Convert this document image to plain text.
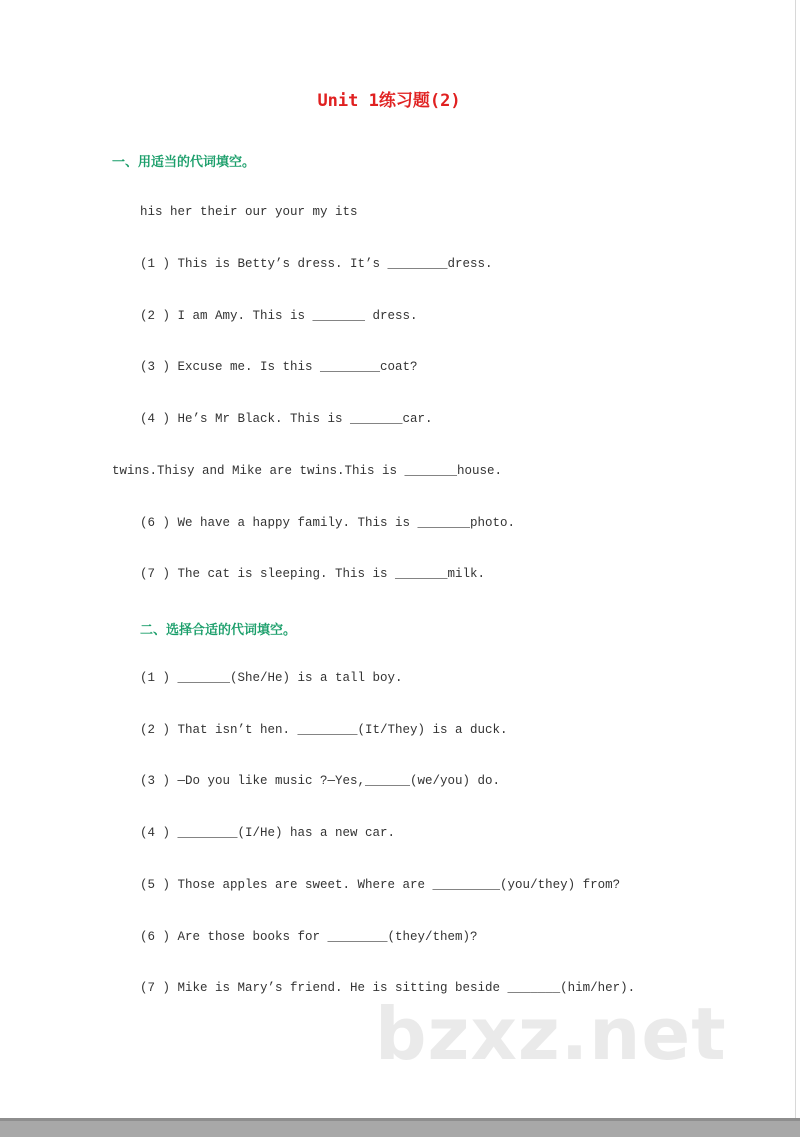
Unit 1练习题(2)
一、用适当的代词填空。
his her their our your my its
(1 ) This is Betty’s dress. It’s ________dress.
(2 ) I am Amy. This is _______ dress.
(3 ) Excuse me. Is this ________coat?
(4 ) He’s Mr Black. This is _______car.
twins.Thisy and Mike are twins.This is _______house.
(6 ) We have a happy family. This is _______photo.
(7 ) The cat is sleeping. This is _______milk.
二、选择合适的代词填空。
(1 ) _______(She/He) is a tall boy.
(2 ) That isn’t hen. ________(It/They) is a duck.
(3 ) —Do you like music ?—Yes,______(we/you) do.
(4 ) ________(I/He) has a new car.
(5 ) Those apples are sweet. Where are _________(you/they) from?
(6 ) Are those books for ________(they/them)?
(7 ) Mike is Mary’s friend. He is sitting beside _______(him/her).
bzxz.net
